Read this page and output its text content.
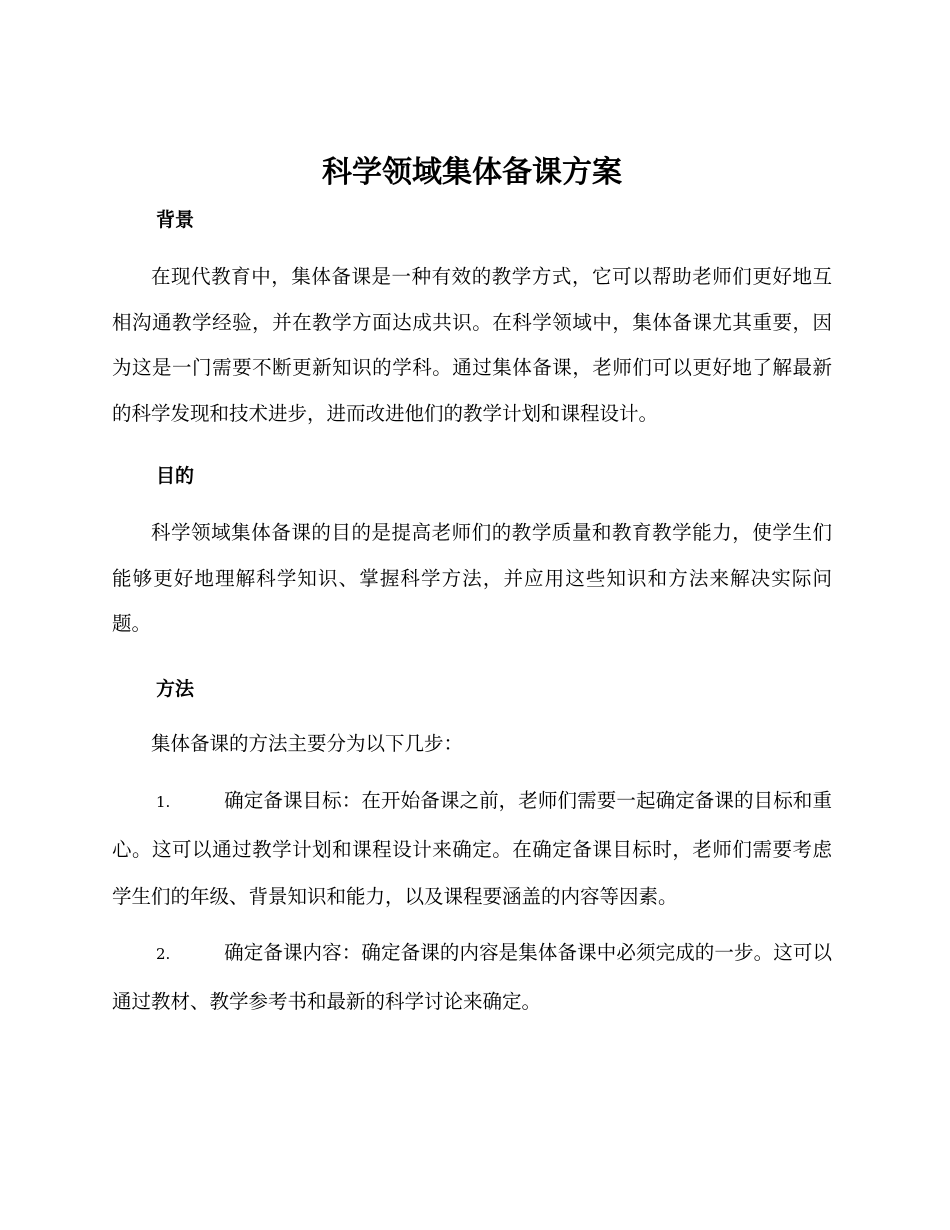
科学领域集体备课方案
背景

在现代教育中，集体备课是一种有效的教学方式，它可以帮助老师们更好地互相沟通教学经验，并在教学方面达成共识。在科学领域中，集体备课尤其重要，因为这是一门需要不断更新知识的学科。通过集体备课，老师们可以更好地了解最新的科学发现和技术进步，进而改进他们的教学计划和课程设计。

目的

科学领域集体备课的目的是提高老师们的教学质量和教育教学能力，使学生们能够更好地理解科学知识、掌握科学方法，并应用这些知识和方法来解决实际问题。

方法

集体备课的方法主要分为以下几步：

1.	确定备课目标：在开始备课之前，老师们需要一起确定备课的目标和重心。这可以通过教学计划和课程设计来确定。在确定备课目标时，老师们需要考虑学生们的年级、背景知识和能力，以及课程要涵盖的内容等因素。

2.	确定备课内容：确定备课的内容是集体备课中必须完成的一步。这可以通过教材、教学参考书和最新的科学讨论来确定。
